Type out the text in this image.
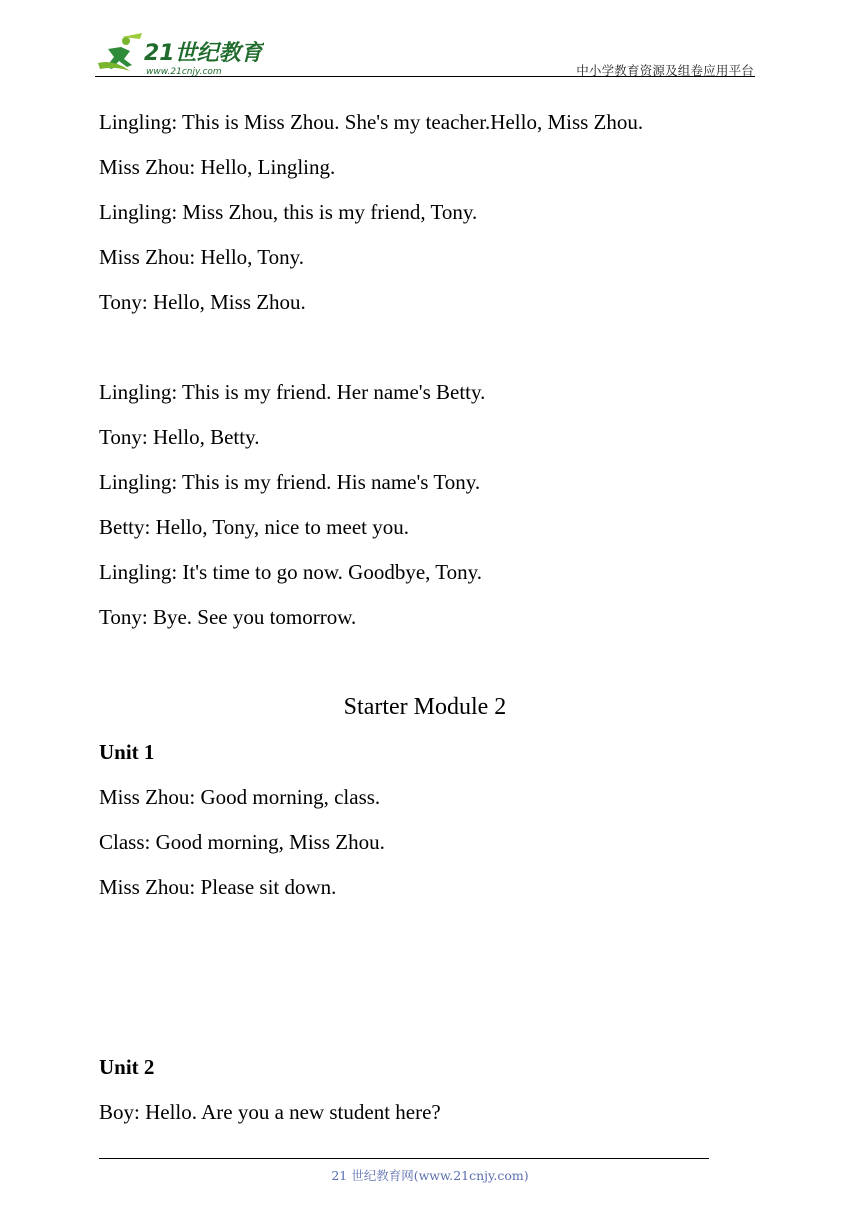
21世纪教育
www.21cnjy.com	中小学教育资源及组卷应用平台
Lingling: This is Miss Zhou. She's my teacher.Hello, Miss Zhou.
Miss Zhou: Hello, Lingling.
Lingling: Miss Zhou, this is my friend, Tony.
Miss Zhou: Hello, Tony.
Tony: Hello, Miss Zhou.
Lingling: This is my friend. Her name's Betty.
Tony: Hello, Betty.
Lingling: This is my friend. His name's Tony.
Betty: Hello, Tony, nice to meet you.
Lingling: It's time to go now. Goodbye, Tony.
Tony: Bye. See you tomorrow.
Starter Module 2
Unit 1
Miss Zhou: Good morning, class.
Class: Good morning, Miss Zhou.
Miss Zhou: Please sit down.
Unit 2
Boy: Hello. Are you a new student here?
21 世纪教育网(www.21cnjy.com)
